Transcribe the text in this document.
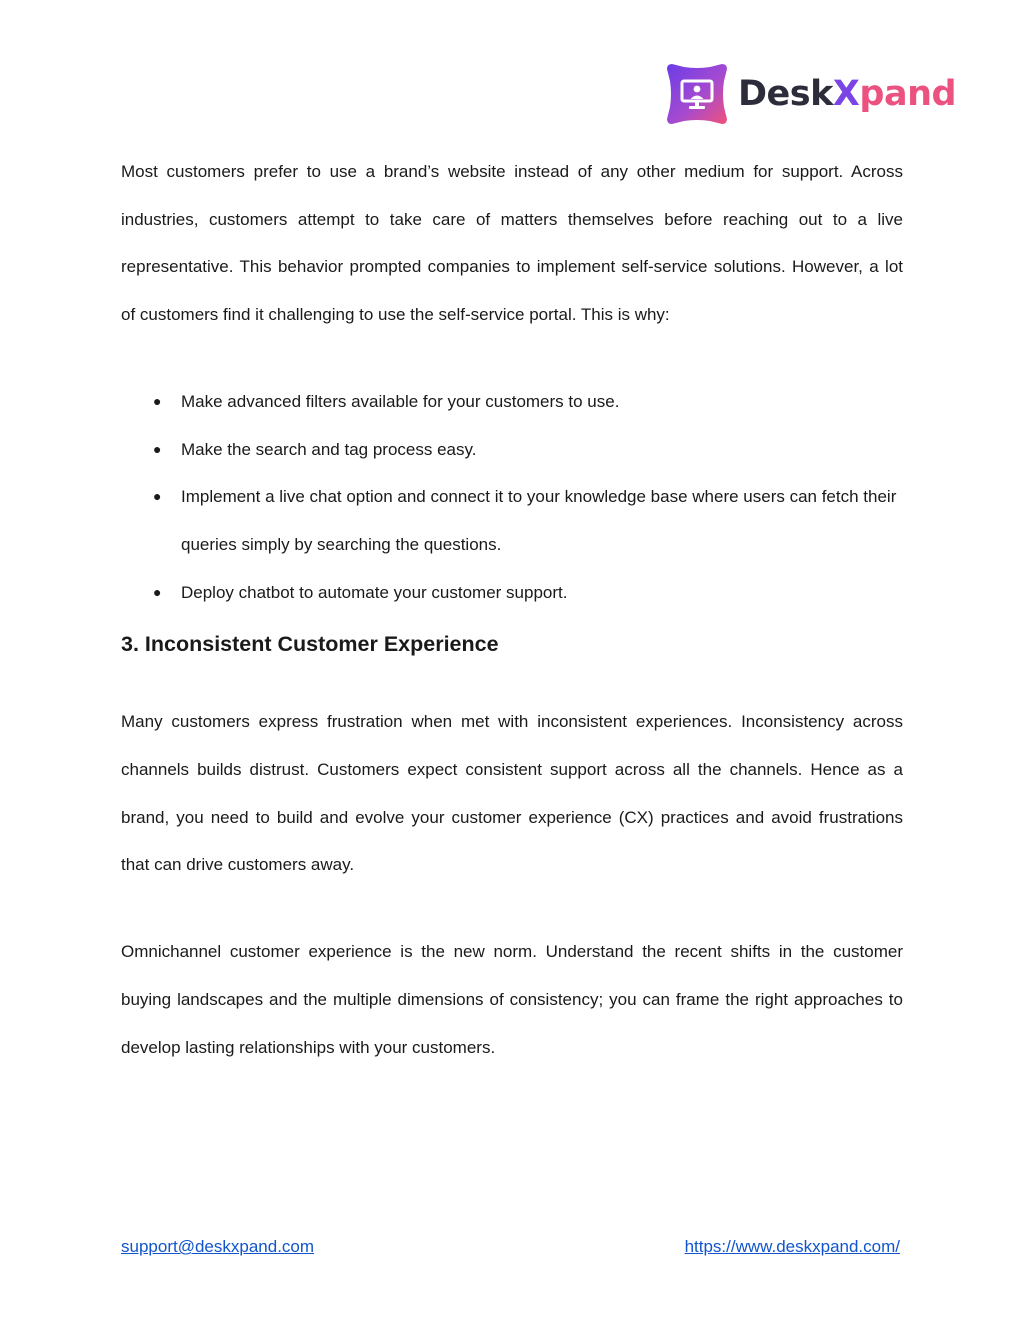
DeskXpand

Most customers prefer to use a brand’s website instead of any other medium for support. Across industries, customers attempt to take care of matters themselves before reaching out to a live representative. This behavior prompted companies to implement self-service solutions. However, a lot of customers find it challenging to use the self-service portal. This is why:

● Make advanced filters available for your customers to use.
● Make the search and tag process easy.
● Implement a live chat option and connect it to your knowledge base where users can fetch their queries simply by searching the questions.
● Deploy chatbot to automate your customer support.
3. Inconsistent Customer Experience

Many customers express frustration when met with inconsistent experiences. Inconsistency across channels builds distrust. Customers expect consistent support across all the channels. Hence as a brand, you need to build and evolve your customer experience (CX) practices and avoid frustrations that can drive customers away.

Omnichannel customer experience is the new norm. Understand the recent shifts in the customer buying landscapes and the multiple dimensions of consistency; you can frame the right approaches to develop lasting relationships with your customers.

support@deskxpand.com	https://www.deskxpand.com/
